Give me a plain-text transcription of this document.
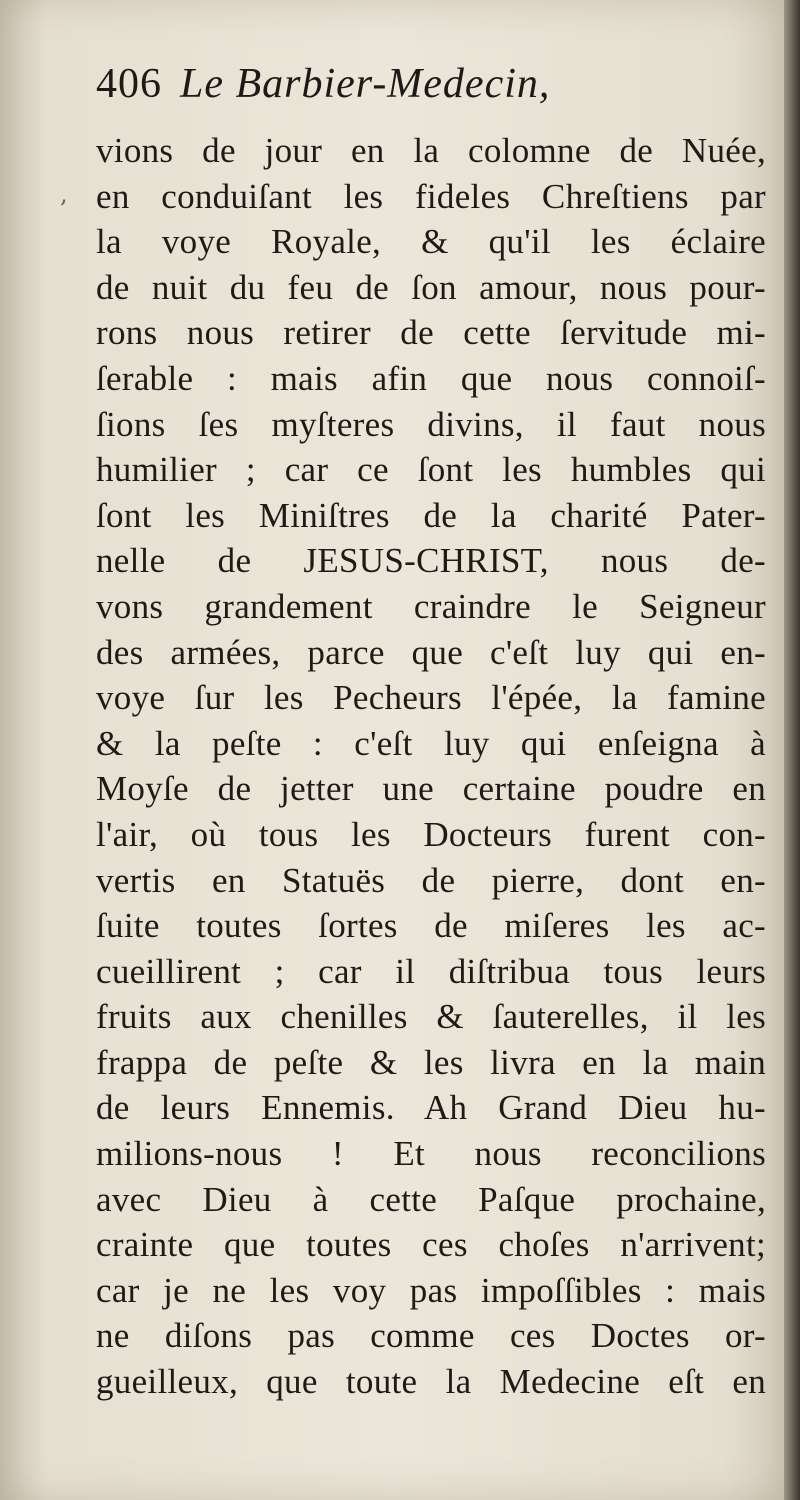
406 Le Barbier-Medecin,
,
vions de jour en la colomne de Nuée,
en conduiſant les fideles Chreſtiens par
la voye Royale, & qu'il les éclaire
de nuit du feu de ſon amour, nous pour-
rons nous retirer de cette ſervitude mi-
ſerable : mais afin que nous connoiſ-
ſions ſes myſteres divins, il faut nous
humilier ; car ce ſont les humbles qui
ſont les Miniſtres de la charité Pater-
nelle de JESUS-CHRIST, nous de-
vons grandement craindre le Seigneur
des armées, parce que c'eſt luy qui en-
voye ſur les Pecheurs l'épée, la famine
& la peſte : c'eſt luy qui enſeigna à
Moyſe de jetter une certaine poudre en
l'air, où tous les Docteurs furent con-
vertis en Statuës de pierre, dont en-
ſuite toutes ſortes de miſeres les ac-
cueillirent ; car il diſtribua tous leurs
fruits aux chenilles & ſauterelles, il les
frappa de peſte & les livra en la main
de leurs Ennemis. Ah Grand Dieu hu-
milions-nous ! Et nous reconcilions
avec Dieu à cette Paſque prochaine,
crainte que toutes ces choſes n'arrivent;
car je ne les voy pas impoſſibles : mais
ne diſons pas comme ces Doctes or-
gueilleux, que toute la Medecine eſt en
